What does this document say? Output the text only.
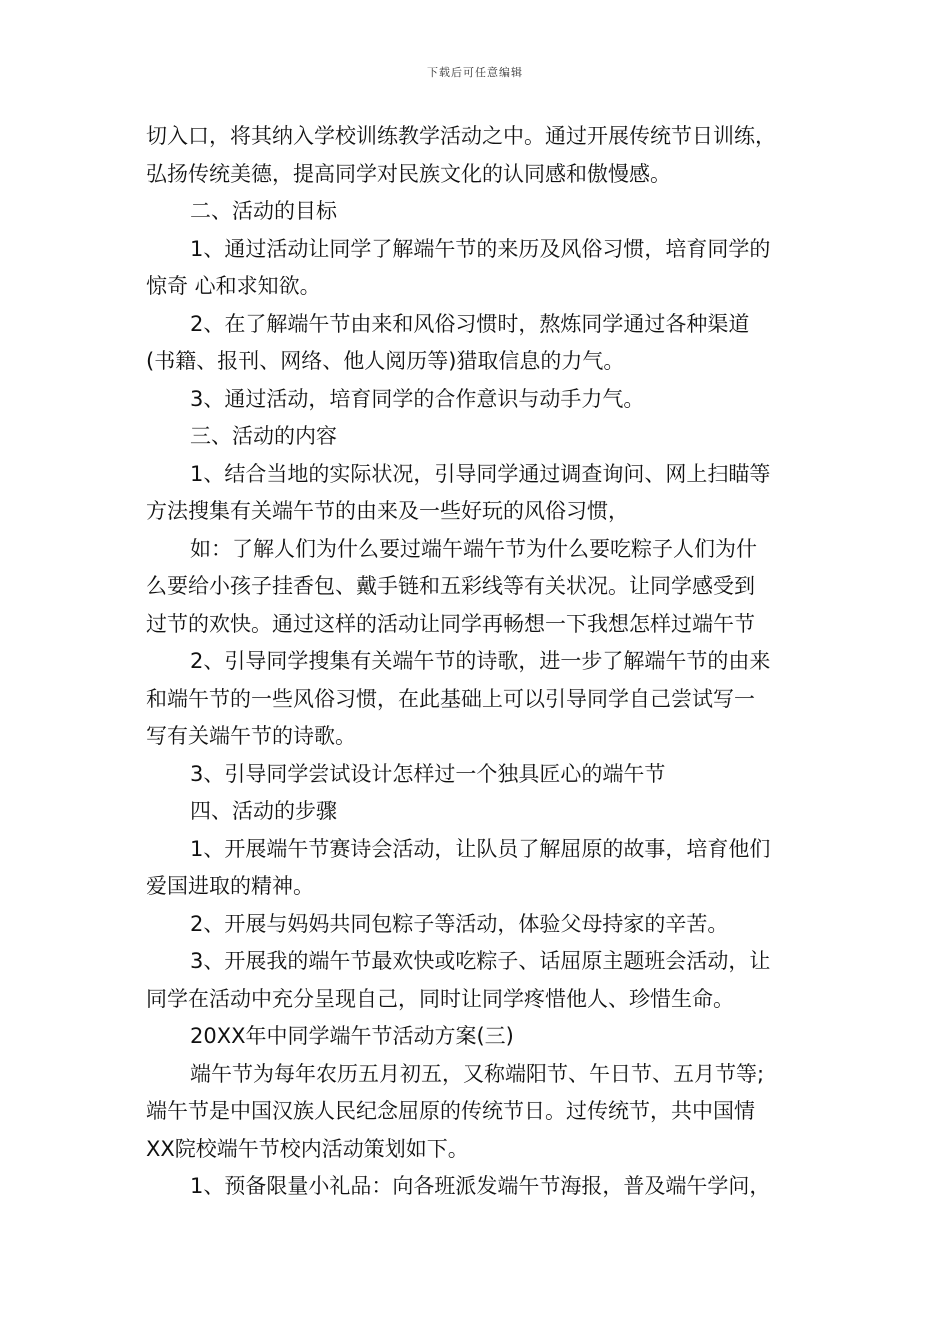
下载后可任意编辑
切入口，将其纳入学校训练教学活动之中。通过开展传统节日训练，
弘扬传统美德，提高同学对民族文化的认同感和傲慢感。
二、活动的目标
1、通过活动让同学了解端午节的来历及风俗习惯，培育同学的
惊奇 心和求知欲。
2、在了解端午节由来和风俗习惯时，熬炼同学通过各种渠道
(书籍、报刊、网络、他人阅历等)猎取信息的力气。
3、通过活动，培育同学的合作意识与动手力气。
三、活动的内容
1、结合当地的实际状况，引导同学通过调查询问、网上扫瞄等
方法搜集有关端午节的由来及一些好玩的风俗习惯，
如：了解人们为什么要过端午端午节为什么要吃粽子人们为什
么要给小孩子挂香包、戴手链和五彩线等有关状况。让同学感受到
过节的欢快。通过这样的活动让同学再畅想一下我想怎样过端午节
2、引导同学搜集有关端午节的诗歌，进一步了解端午节的由来
和端午节的一些风俗习惯，在此基础上可以引导同学自己尝试写一
写有关端午节的诗歌。
3、引导同学尝试设计怎样过一个独具匠心的端午节
四、活动的步骤
1、开展端午节赛诗会活动，让队员了解屈原的故事，培育他们
爱国进取的精神。
2、开展与妈妈共同包粽子等活动，体验父母持家的辛苦。
3、开展我的端午节最欢快或吃粽子、话屈原主题班会活动，让
同学在活动中充分呈现自己，同时让同学疼惜他人、珍惜生命。
20XX年中同学端午节活动方案(三)
端午节为每年农历五月初五，又称端阳节、午日节、五月节等;
端午节是中国汉族人民纪念屈原的传统节日。过传统节，共中国情
XX院校端午节校内活动策划如下。
1、预备限量小礼品：向各班派发端午节海报，普及端午学问，
